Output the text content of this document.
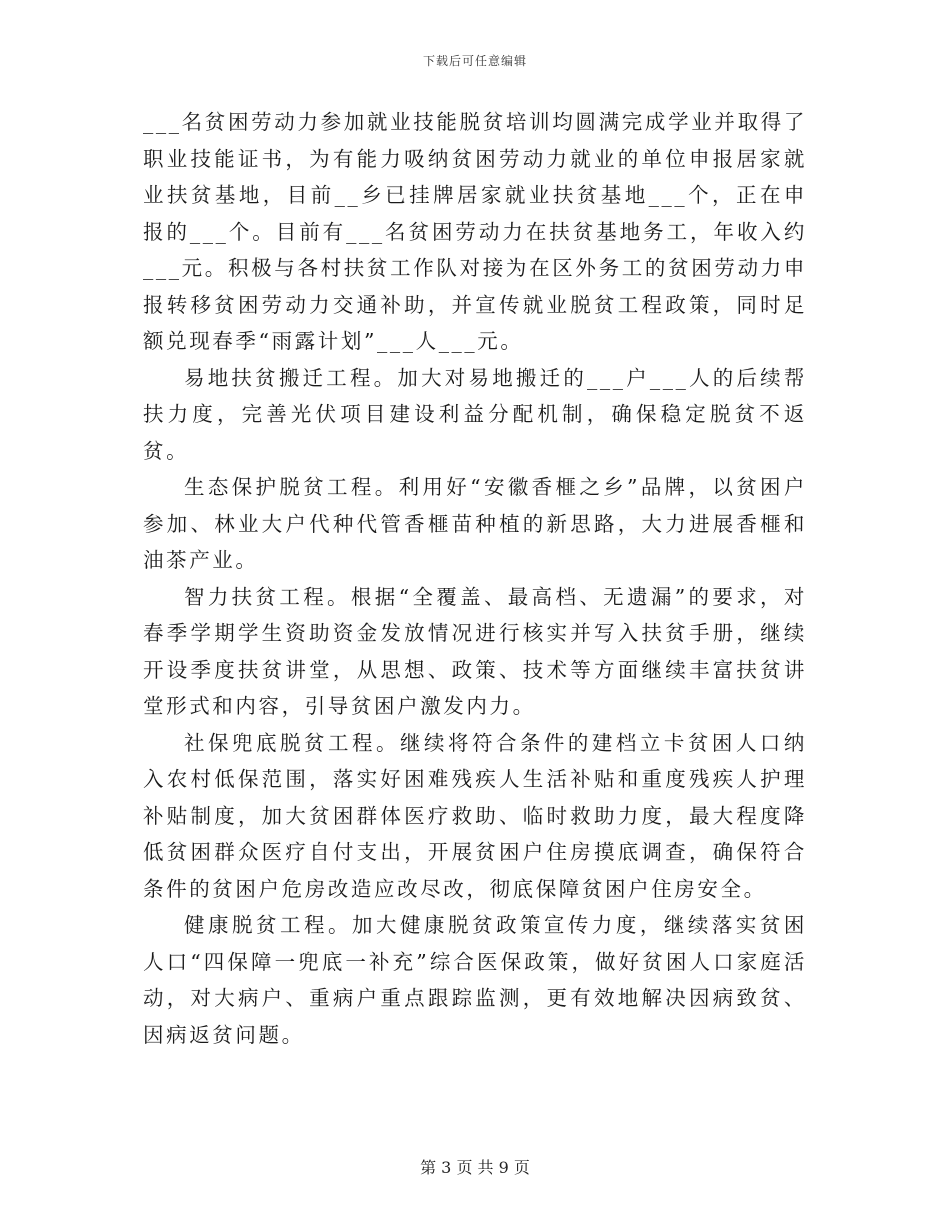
下载后可任意编辑

___名贫困劳动力参加就业技能脱贫培训均圆满完成学业并取得了职业技能证书，为有能力吸纳贫困劳动力就业的单位申报居家就业扶贫基地，目前__乡已挂牌居家就业扶贫基地___个，正在申报的___个。目前有___名贫困劳动力在扶贫基地务工，年收入约___元。积极与各村扶贫工作队对接为在区外务工的贫困劳动力申报转移贫困劳动力交通补助，并宣传就业脱贫工程政策，同时足额兑现春季“雨露计划”___人___元。

易地扶贫搬迁工程。加大对易地搬迁的___户___人的后续帮扶力度，完善光伏项目建设利益分配机制，确保稳定脱贫不返贫。

生态保护脱贫工程。利用好“安徽香榧之乡”品牌，以贫困户参加、林业大户代种代管香榧苗种植的新思路，大力进展香榧和油茶产业。

智力扶贫工程。根据“全覆盖、最高档、无遗漏”的要求，对春季学期学生资助资金发放情况进行核实并写入扶贫手册，继续开设季度扶贫讲堂，从思想、政策、技术等方面继续丰富扶贫讲堂形式和内容，引导贫困户激发内力。

社保兜底脱贫工程。继续将符合条件的建档立卡贫困人口纳入农村低保范围，落实好困难残疾人生活补贴和重度残疾人护理补贴制度，加大贫困群体医疗救助、临时救助力度，最大程度降低贫困群众医疗自付支出，开展贫困户住房摸底调查，确保符合条件的贫困户危房改造应改尽改，彻底保障贫困户住房安全。

健康脱贫工程。加大健康脱贫政策宣传力度，继续落实贫困人口“四保障一兜底一补充”综合医保政策，做好贫困人口家庭活动，对大病户、重病户重点跟踪监测，更有效地解决因病致贫、因病返贫问题。

第 3 页 共 9 页
